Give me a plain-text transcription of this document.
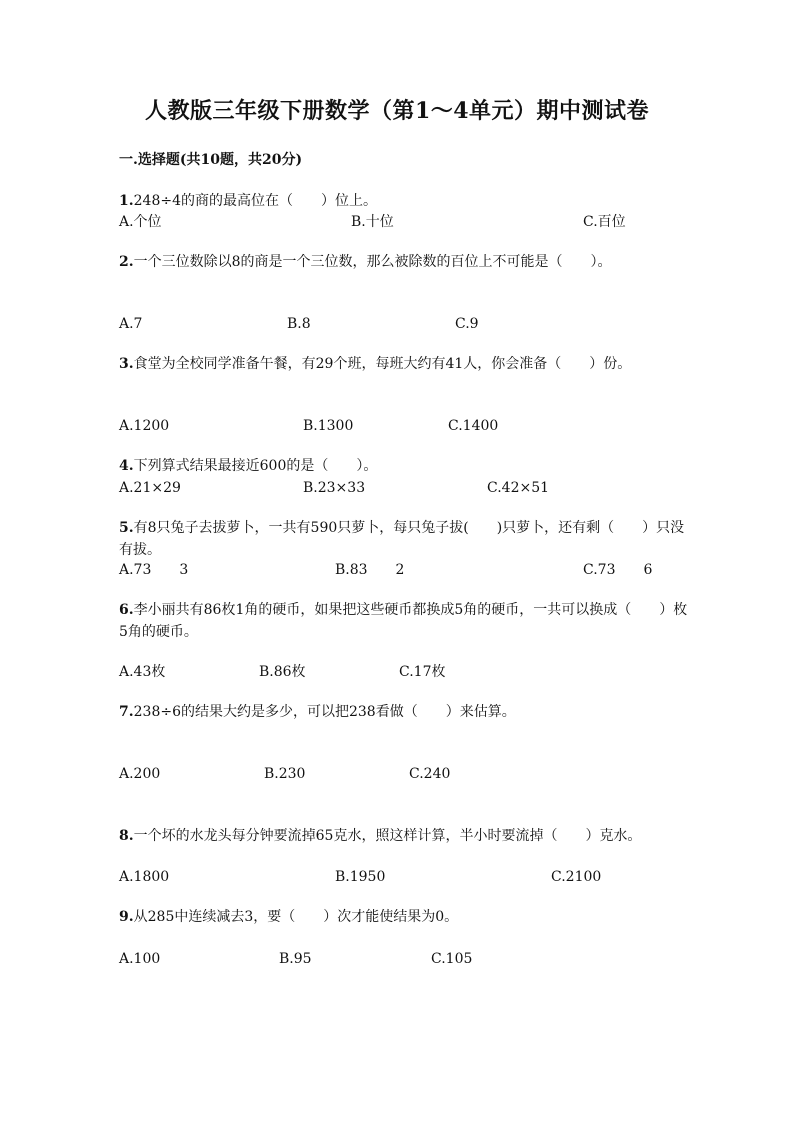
人教版三年级下册数学（第1～4单元）期中测试卷
一.选择题(共10题，共20分)
1.248÷4的商的最高位在（　　）位上。
A.个位	B.十位	C.百位
2.一个三位数除以8的商是一个三位数，那么被除数的百位上不可能是（　　）。
A.7	B.8	C.9
3.食堂为全校同学准备午餐，有29个班，每班大约有41人，你会准备（　　）份。
A.1200	B.1300	C.1400
4.下列算式结果最接近600的是（　　）。
A.21×29	B.23×33	C.42×51
5.有8只兔子去拔萝卜，一共有590只萝卜，每只兔子拔(　　)只萝卜，还有剩（　　）只没有拔。
A.73　　3	B.83　　2	C.73　　6
6.李小丽共有86枚1角的硬币，如果把这些硬币都换成5角的硬币，一共可以换成（　　）枚5角的硬币。
A.43枚	B.86枚	C.17枚
7.238÷6的结果大约是多少，可以把238看做（　　）来估算。
A.200	B.230	C.240
8.一个坏的水龙头每分钟要流掉65克水，照这样计算，半小时要流掉（　　）克水。
A.1800	B.1950	C.2100
9.从285中连续减去3，要（　　）次才能使结果为0。
A.100	B.95	C.105
